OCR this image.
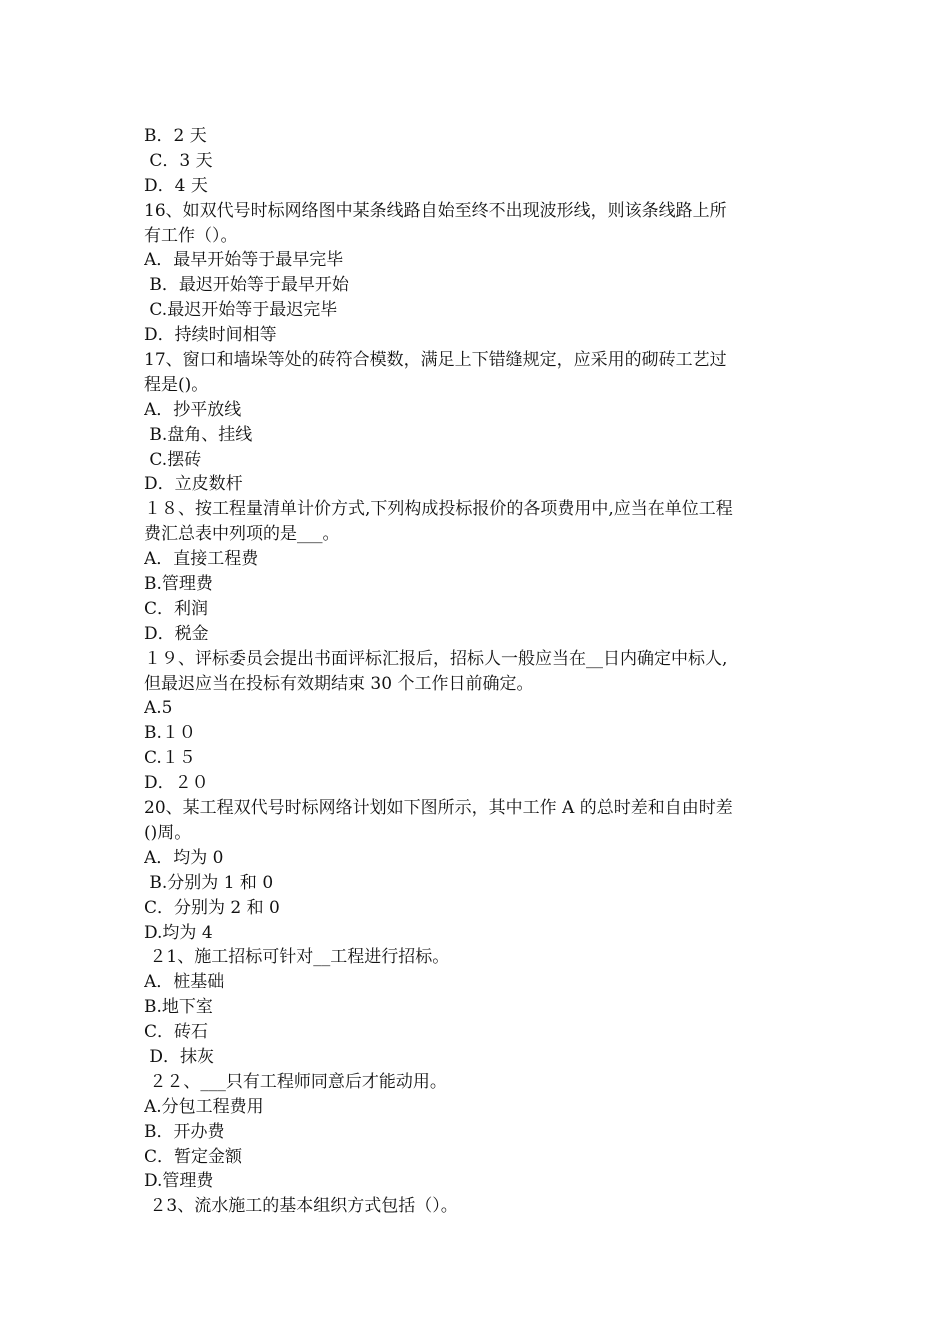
B．2 天
C．3 天
D．4 天
16、如双代号时标网络图中某条线路自始至终不出现波形线，则该条线路上所
有工作（）。
A．最早开始等于最早完毕
B．最迟开始等于最早开始
C.最迟开始等于最迟完毕
D．持续时间相等
17、窗口和墙垛等处的砖符合模数，满足上下错缝规定，应采用的砌砖工艺过
程是()。
A．抄平放线
B.盘角、挂线
C.摆砖
D．立皮数杆
１８、按工程量清单计价方式,下列构成投标报价的各项费用中,应当在单位工程
费汇总表中列项的是___。
A．直接工程费
B.管理费
C．利润
D．税金
１９、评标委员会提出书面评标汇报后，招标人一般应当在__日内确定中标人,
但最迟应当在投标有效期结束 30 个工作日前确定。
A.5
B.１０
C.１５
D．２０
20、某工程双代号时标网络计划如下图所示，其中工作 A 的总时差和自由时差
()周。
A．均为 0
B.分别为 1 和 0
C．分别为 2 和 0
D.均为 4
２1、施工招标可针对__工程进行招标。
A．桩基础
B.地下室
C．砖石
D．抹灰
２２、___只有工程师同意后才能动用。
A.分包工程费用
B．开办费
C．暂定金额
D.管理费
２3、流水施工的基本组织方式包括（）。
